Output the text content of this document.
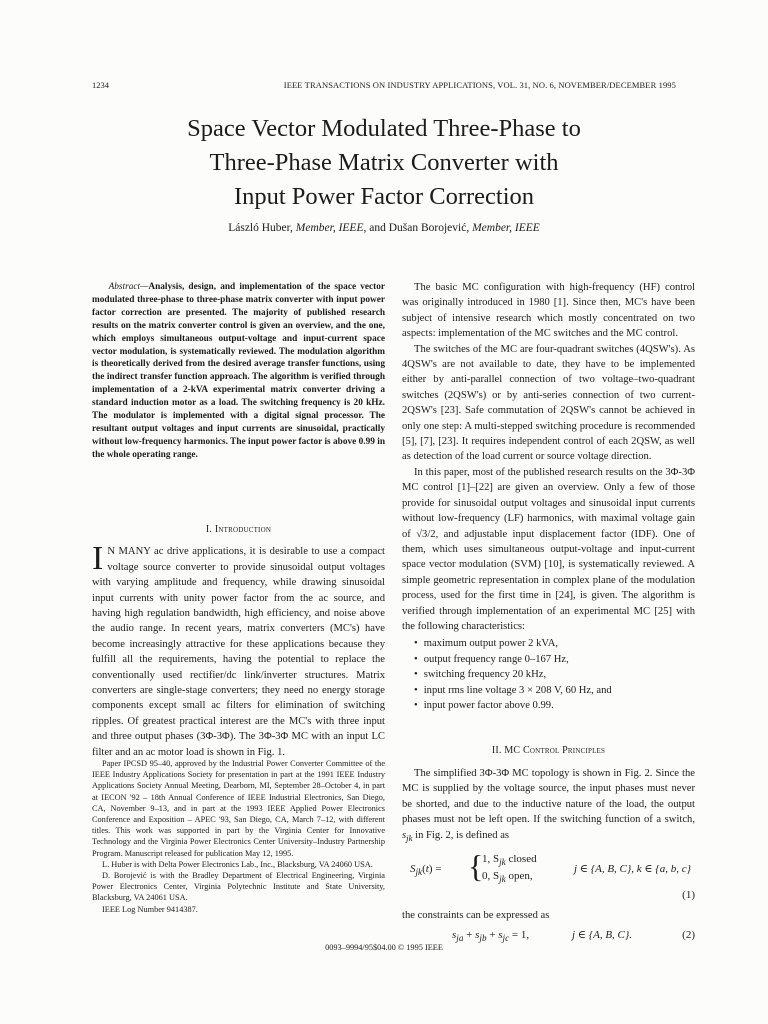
1234	IEEE TRANSACTIONS ON INDUSTRY APPLICATIONS, VOL. 31, NO. 6, NOVEMBER/DECEMBER 1995
Space Vector Modulated Three-Phase to
Three-Phase Matrix Converter with
Input Power Factor Correction
László Huber, Member, IEEE, and Dušan Borojević, Member, IEEE

Abstract—Analysis, design, and implementation of the space vector modulated three-phase to three-phase matrix converter with input power factor correction are presented. The majority of published research results on the matrix converter control is given an overview, and the one, which employs simultaneous output-voltage and input-current space vector modulation, is systematically reviewed. The modulation algorithm is theoretically derived from the desired average transfer functions, using the indirect transfer function approach. The algorithm is verified through implementation of a 2-kVA experimental matrix converter driving a standard induction motor as a load. The switching frequency is 20 kHz. The modulator is implemented with a digital signal processor. The resultant output voltages and input currents are sinusoidal, practically without low-frequency harmonics. The input power factor is above 0.99 in the whole operating range.

I. Introduction

I N MANY ac drive applications, it is desirable to use a compact voltage source converter to provide sinusoidal output voltages with varying amplitude and frequency, while drawing sinusoidal input currents with unity power factor from the ac source, and having high regulation bandwidth, high efficiency, and noise above the audio range. In recent years, matrix converters (MC's) have become increasingly attractive for these applications because they fulfill all the requirements, having the potential to replace the conventionally used rectifier/dc link/inverter structures. Matrix converters are single-stage converters; they need no energy storage components except small ac filters for elimination of switching ripples. Of greatest practical interest are the MC's with three input and three output phases (3Φ-3Φ). The 3Φ-3Φ MC with an input LC filter and an ac motor load is shown in Fig. 1.

Paper IPCSD 95–40, approved by the Industrial Power Converter Committee of the IEEE Industry Applications Society for presentation in part at the 1991 IEEE Industry Applications Society Annual Meeting, Dearborn, MI, September 28–October 4, in part at IECON '92 – 18th Annual Conference of IEEE Industrial Electronics, San Diego, CA, November 9–13, and in part at the 1993 IEEE Applied Power Electronics Conference and Exposition – APEC '93, San Diego, CA, March 7–12, with different titles. This work was supported in part by the Virginia Center for Innovative Technology and the Virginia Power Electronics Center University–Industry Partnership Program. Manuscript released for publication May 12, 1995.

L. Huber is with Delta Power Electronics Lab., Inc., Blacksburg, VA 24060 USA.

D. Borojević is with the Bradley Department of Electrical Engineering, Virginia Power Electronics Center, Virginia Polytechnic Institute and State University, Blacksburg, VA 24061 USA.

IEEE Log Number 9414387.

The basic MC configuration with high-frequency (HF) control was originally introduced in 1980 [1]. Since then, MC's have been subject of intensive research which mostly concentrated on two aspects: implementation of the MC switches and the MC control.

The switches of the MC are four-quadrant switches (4QSW's). As 4QSW's are not available to date, they have to be implemented either by anti-parallel connection of two voltage–two-quadrant switches (2QSW's) or by anti-series connection of two current-2QSW's [23]. Safe commutation of 2QSW's cannot be achieved in only one step: A multi-stepped switching procedure is recommended [5], [7], [23]. It requires independent control of each 2QSW, as well as detection of the load current or source voltage direction.

In this paper, most of the published research results on the 3Φ-3Φ MC control [1]–[22] are given an overview. Only a few of those provide for sinusoidal output voltages and sinusoidal input currents without low-frequency (LF) harmonics, with maximal voltage gain of √3/2, and adjustable input displacement factor (IDF). One of them, which uses simultaneous output-voltage and input-current space vector modulation (SVM) [10], is systematically reviewed. A simple geometric representation in complex plane of the modulation process, used for the first time in [24], is given. The algorithm is verified through implementation of an experimental MC [25] with the following characteristics:

• maximum output power 2 kVA,
• output frequency range 0–167 Hz,
• switching frequency 20 kHz,
• input rms line voltage 3 × 208 V, 60 Hz, and
• input power factor above 0.99.
II. MC Control Principles

The simplified 3Φ-3Φ MC topology is shown in Fig. 2. Since the MC is supplied by the voltage source, the input phases must never be shorted, and due to the inductive nature of the load, the output phases must not be left open. If the switching function of a switch, $s_{jk}$ in Fig. 2, is defined as

$S_{jk}(t)$ = {
1, $S_{jk}$ closed
0, $S_{jk}$ open,
j ∈ {A, B, C}, k ∈ {a, b, c}
(1)

the constraints can be expressed as

$s_{ja} + s_{jb} + s_{jc} = 1$,	j ∈ {A, B, C}.	(2)
0093–9994/95$04.00 © 1995 IEEE
